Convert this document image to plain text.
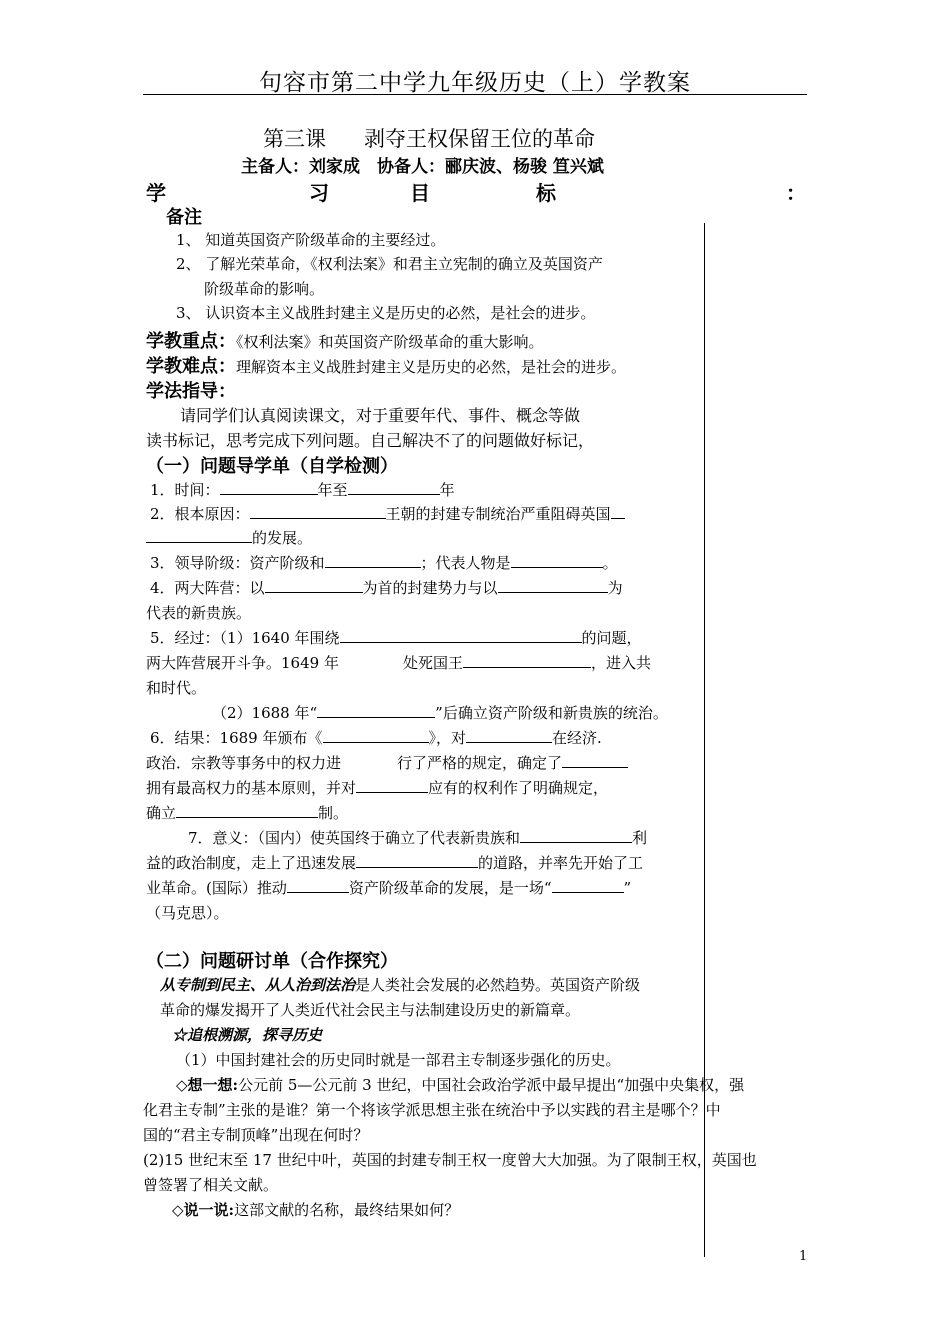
句容市第二中学九年级历史（上）学教案
第三课 剥夺王权保留王位的革命
主备人：刘家成　协备人：郦庆波、杨骏 笪兴斌
学	习	目	标	：
备注
1、 知道英国资产阶级革命的主要经过。
2、 了解光荣革命，《权利法案》和君主立宪制的确立及英国资产
阶级革命的影响。
3、 认识资本主义战胜封建主义是历史的必然，是社会的进步。
学教重点：《权利法案》和英国资产阶级革命的重大影响。
学教难点：理解资本主义战胜封建主义是历史的必然，是社会的进步。
学法指导：
请同学们认真阅读课文，对于重要年代、事件、概念等做
读书标记，思考完成下列问题。自己解决不了的问题做好标记，
（一）问题导学单（自学检测）
1．时间：	年至	年
2．根本原因：	王朝的封建专制统治严重阻碍英国
的发展。
3．领导阶级：资产阶级和	；代表人物是	。
4．两大阵营：以	为首的封建势力与以	为
代表的新贵族。
5．经过：（1）1640 年围绕	的问题，
两大阵营展开斗争。1649 年	处死国王	，进入共
和时代。
（2）1688 年“	”后确立资产阶级和新贵族的统治。
6．结果：1689 年颁布《	》，对	在经济.
政治．宗教等事务中的权力进	行了严格的规定，确定了
拥有最高权力的基本原则，并对	应有的权利作了明确规定，
确立	制。
7．意义：（国内）使英国终于确立了代表新贵族和	利
益的政治制度，走上了迅速发展	的道路，并率先开始了工
业革命。(国际）推动	资产阶级革命的发展，是一场“	”
（马克思）。
（二）问题研讨单（合作探究）
从专制到民主、从人治到法治是人类社会发展的必然趋势。英国资产阶级
革命的爆发揭开了人类近代社会民主与法制建设历史的新篇章。
☆追根溯源，探寻历史
（1）中国封建社会的历史同时就是一部君主专制逐步强化的历史。
◇想一想:公元前 5—公元前 3 世纪，中国社会政治学派中最早提出“加强中央集权，强
化君主专制”主张的是谁？第一个将该学派思想主张在统治中予以实践的君主是哪个？中
国的“君主专制顶峰”出现在何时？
(2)15 世纪末至 17 世纪中叶，英国的封建专制王权一度曾大大加强。为了限制王权，英国也
曾签署了相关文献。
◇说一说:这部文献的名称，最终结果如何？
1
